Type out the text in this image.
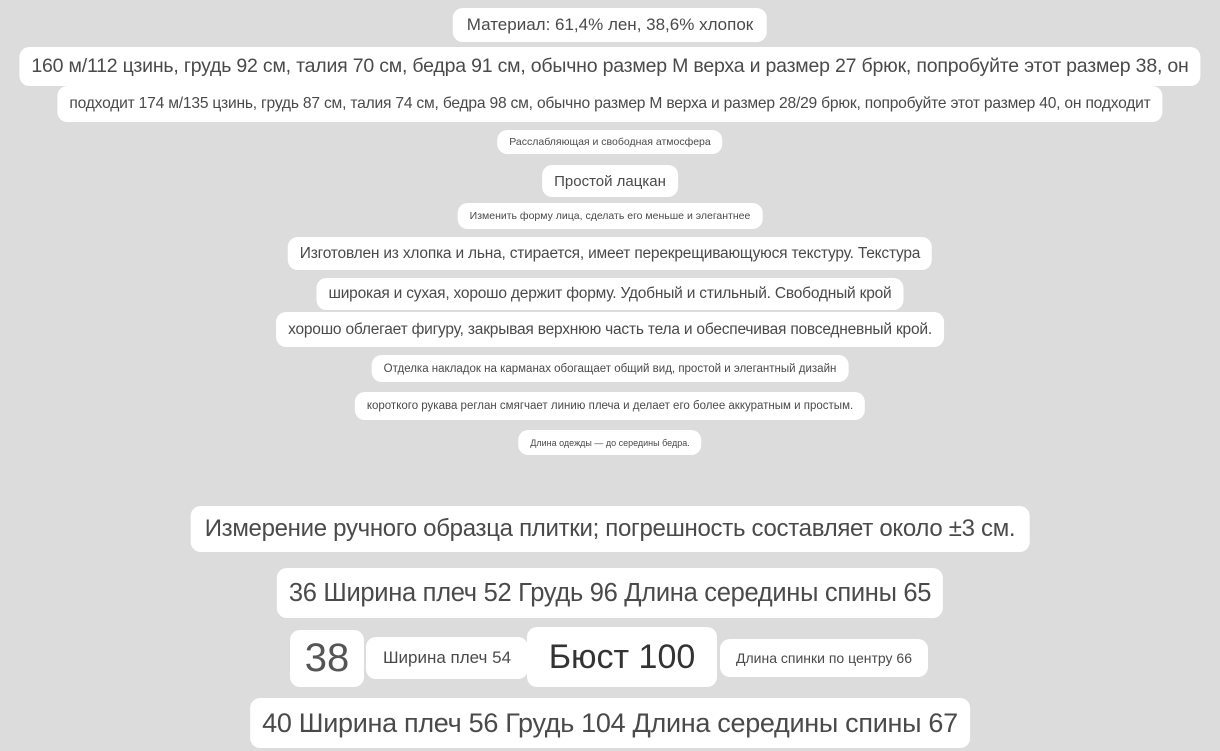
Материал: 61,4% лен, 38,6% хлопок
160 м/112 цзинь, грудь 92 см, талия 70 см, бедра 91 см, обычно размер M верха и размер 27 брюк, попробуйте этот размер 38, он
подходит 174 м/135 цзинь, грудь 87 см, талия 74 см, бедра 98 см, обычно размер M верха и размер 28/29 брюк, попробуйте этот размер 40, он подходит
Расслабляющая и свободная атмосфера
Простой лацкан
Изменить форму лица, сделать его меньше и элегантнее
Изготовлен из хлопка и льна, стирается, имеет перекрещивающуюся текстуру. Текстура
широкая и сухая, хорошо держит форму. Удобный и стильный. Свободный крой
хорошо облегает фигуру, закрывая верхнюю часть тела и обеспечивая повседневный крой.
Отделка накладок на карманах обогащает общий вид, простой и элегантный дизайн
короткого рукава реглан смягчает линию плеча и делает его более аккуратным и простым.
Длина одежды — до середины бедра.
Измерение ручного образца плитки; погрешность составляет около ±3 см.
36 Ширина плеч 52 Грудь 96 Длина середины спины 65
38	Ширина плеч 54	Бюст 100	Длина спинки по центру 66
40 Ширина плеч 56 Грудь 104 Длина середины спины 67
